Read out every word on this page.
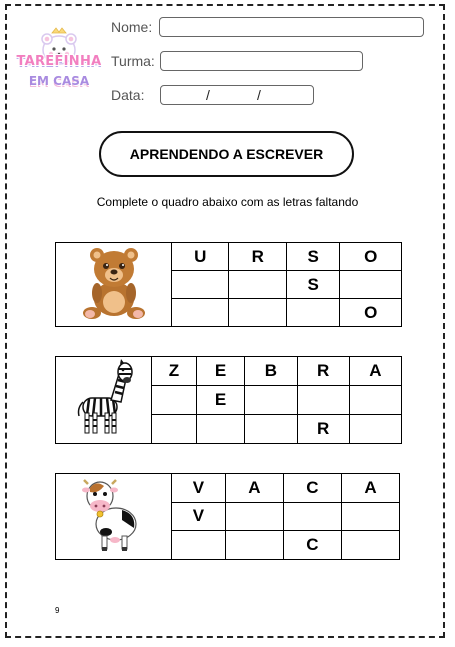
TAREFINHA
EM CASA
Nome:
Turma:
Data:	/	/
APRENDENDO A ESCREVER
Complete o quadro abaixo com as letras faltando
	U	R	S	O
			S	
				O
	Z	E	B	R	A
		E			
				R	
	V	A	C	A
	V			
			C	
9
